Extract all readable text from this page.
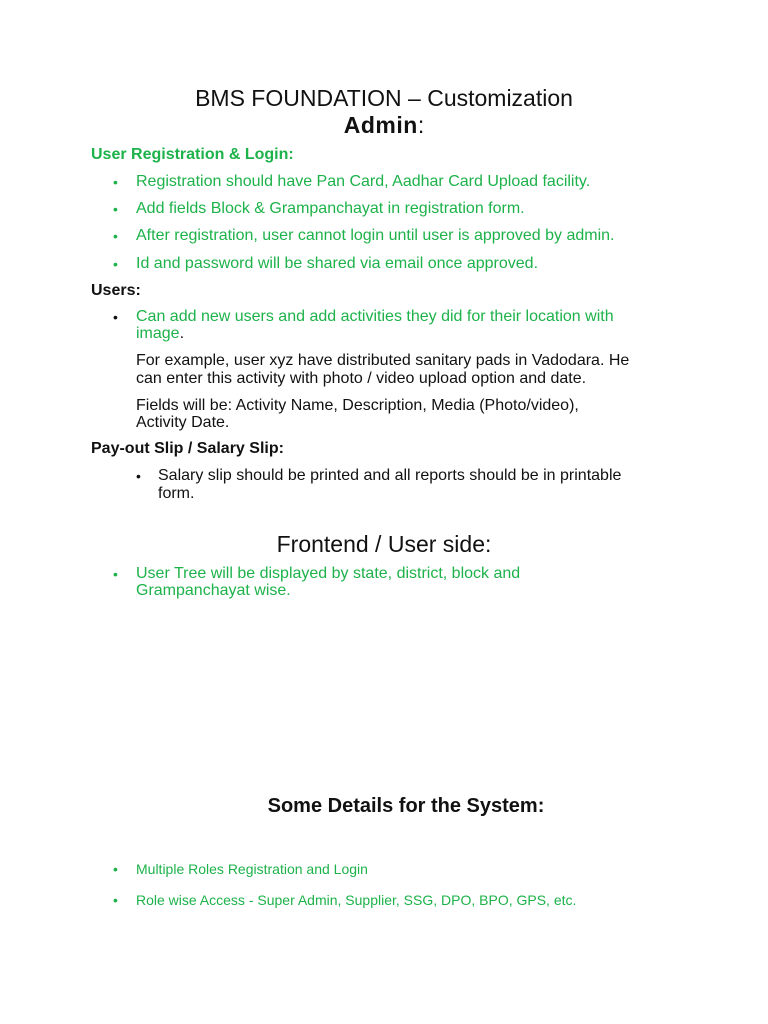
BMS FOUNDATION – Customization
Admin:
User Registration & Login:
• Registration should have Pan Card, Aadhar Card Upload facility.
• Add fields Block & Grampanchayat in registration form.
• After registration, user cannot login until user is approved by admin.
• Id and password will be shared via email once approved.
Users:
• Can add new users and add activities they did for their location with
image.
For example, user xyz have distributed sanitary pads in Vadodara. He
can enter this activity with photo / video upload option and date.
Fields will be: Activity Name, Description, Media (Photo/video),
Activity Date.
Pay-out Slip / Salary Slip:
• Salary slip should be printed and all reports should be in printable
form.
Frontend / User side:
• User Tree will be displayed by state, district, block and
Grampanchayat wise.
Some Details for the System:
• Multiple Roles Registration and Login
• Role wise Access - Super Admin, Supplier, SSG, DPO, BPO, GPS, etc.
